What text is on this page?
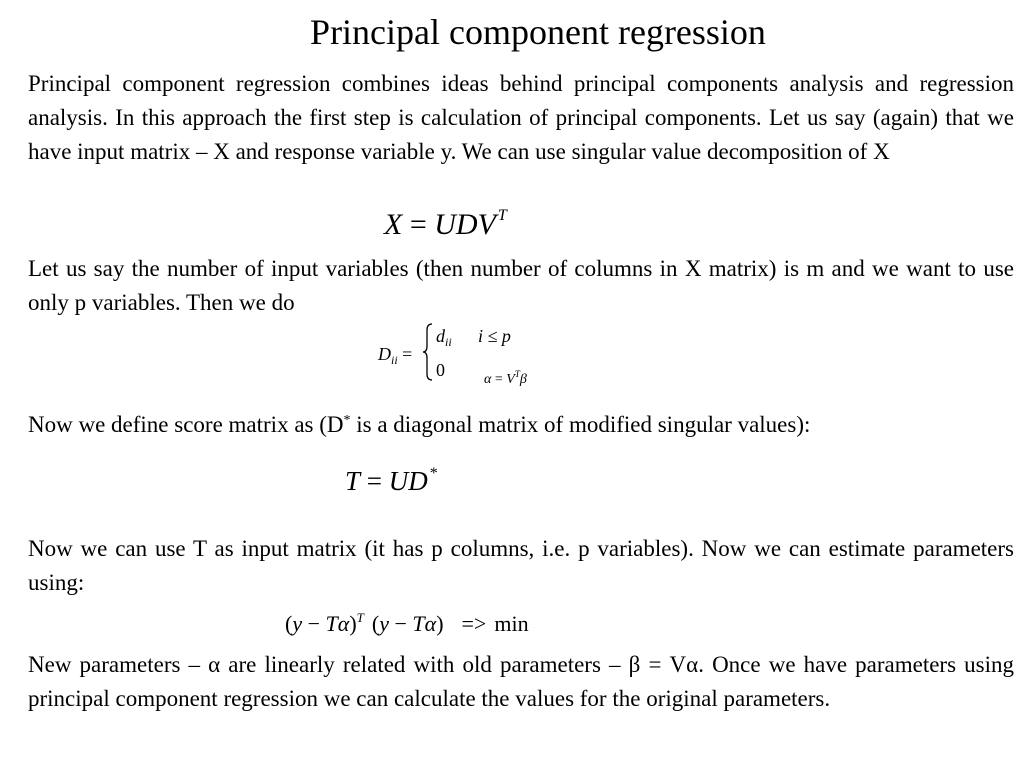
Principal component regression
Principal component regression combines ideas behind principal components analysis and regression analysis. In this approach the first step is calculation of principal components. Let us say (again) that we have input matrix – X and response variable y. We can use singular value decomposition of X
X = UDV $^T$
Let us say the number of input variables (then number of columns in X matrix) is m and we want to use only p variables. Then we do
$D_{ii}$ =
$d_{ii}$ i ≤ p
0	$\alpha = V^T\beta$
Now we define score matrix as (D* is a diagonal matrix of modified singular values):
T = UD *
Now we can use T as input matrix (it has p columns, i.e. p variables). Now we can estimate parameters using:
$(y - T\alpha)^T$ (y − Tα) => min
New parameters – α are linearly related with old parameters – β = Vα. Once we have parameters using principal component regression we can calculate the values for the original parameters.
